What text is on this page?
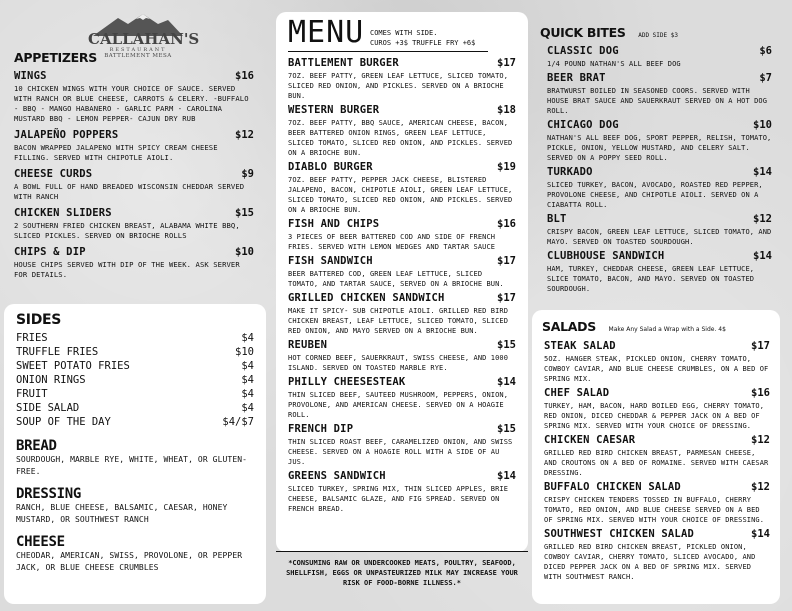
CALLAHAN'S
RESTAURANT
BATTLEMENT MESA
APPETIZERS
WINGS	$16
10 CHICKEN WINGS WITH YOUR CHOICE OF SAUCE. SERVED WITH RANCH OR BLUE CHEESE, CARROTS & CELERY. -BUFFALO - BBQ - MANGO HABANERO - GARLIC PARM - CAROLINA MUSTARD BBQ - LEMON PEPPER- CAJUN DRY RUB
JALAPEÑO POPPERS	$12
BACON WRAPPED JALAPENO WITH SPICY CREAM CHEESE FILLING. SERVED WITH CHIPOTLE AIOLI.
CHEESE CURDS	$9
A BOWL FULL OF HAND BREADED WISCONSIN CHEDDAR SERVED WITH RANCH
CHICKEN SLIDERS	$15
2 SOUTHERN FRIED CHICKEN BREAST, ALABAMA WHITE BBQ, SLICED PICKLES. SERVED ON BRIOCHE ROLLS
CHIPS & DIP	$10
HOUSE CHIPS SERVED WITH DIP OF THE WEEK. ASK SERVER FOR DETAILS.
SIDES
FRIES	$4
TRUFFLE FRIES	$10
SWEET POTATO FRIES	$4
ONION RINGS	$4
FRUIT	$4
SIDE SALAD	$4
SOUP OF THE DAY	$4/$7
BREAD
SOURDOUGH, MARBLE RYE, WHITE, WHEAT, OR GLUTEN-FREE.
DRESSING
RANCH, BLUE CHEESE, BALSAMIC, CAESAR, HONEY MUSTARD, OR SOUTHWEST RANCH
CHEESE
CHEODAR, AMERICAN, SWISS, PROVOLONE, OR PEPPER JACK, OR BLUE CHEESE CRUMBLES
MENU COMES WITH SIDE.
CUROS +3$ TRUFFLE FRY +6$
BATTLEMENT BURGER	$17
7OZ. BEEF PATTY, GREEN LEAF LETTUCE, SLICED TOMATO, SLICED RED ONION, AND PICKLES. SERVED ON A BRIOCHE BUN.
WESTERN BURGER	$18
7OZ. BEEF PATTY, BBQ SAUCE, AMERICAN CHEESE, BACON, BEER BATTERED ONION RINGS, GREEN LEAF LETTUCE, SLICED TOMATO, SLICED RED ONION, AND PICKLES. SERVED ON A BRIOCHE BUN.
DIABLO BURGER	$19
7OZ. BEEF PATTY, PEPPER JACK CHEESE, BLISTERED JALAPENO, BACON, CHIPOTLE AIOLI, GREEN LEAF LETTUCE, SLICED TOMATO, SLICED RED ONION, AND PICKLES. SERVED ON A BRIOCHE BUN.
FISH AND CHIPS	$16
3 PIECES OF BEER BATTERED COD AND SIDE OF FRENCH FRIES. SERVED WITH LEMON WEDGES AND TARTAR SAUCE
FISH SANDWICH	$17
BEER BATTERED COD, GREEN LEAF LETTUCE, SLICED TOMATO, AND TARTAR SAUCE, SERVED ON A BRIOCHE BUN.
GRILLED CHICKEN SANDWICH	$17
MAKE IT SPICY- SUB CHIPOTLE AIOLI. GRILLED RED BIRD CHICKEN BREAST, LEAF LETTUCE, SLICED TOMATO, SLICED RED ONION, AND MAYO SERVED ON A BRIOCHE BUN.
REUBEN	$15
HOT CORNED BEEF, SAUERKRAUT, SWISS CHEESE, AND 1000 ISLAND. SERVED ON TOASTED MARBLE RYE.
PHILLY CHEESESTEAK	$14
THIN SLICED BEEF, SAUTEED MUSHROOM, PEPPERS, ONION, PROVOLONE, AND AMERICAN CHEESE. SERVED ON A HOAGIE ROLL.
FRENCH DIP	$15
THIN SLICED ROAST BEEF, CARAMELIZED ONION, AND SWISS CHEESE. SERVED ON A HOAGIE ROLL WITH A SIDE OF AU JUS.
GREENS SANDWICH	$14
SLICED TURKEY, SPRING MIX, THIN SLICED APPLES, BRIE CHEESE, BALSAMIC GLAZE, AND FIG SPREAD. SERVED ON FRENCH BREAD.
*CONSUMING RAW OR UNDERCOOKED MEATS, POULTRY, SEAFOOD, SHELLFISH, EGGS OR UNPASTEURIZED MILK MAY INCREASE YOUR RISK OF FOOD-BORNE ILLNESS.*
QUICK BITES ADD SIDE $3
CLASSIC DOG	$6
1/4 POUND NATHAN'S ALL BEEF DOG
BEER BRAT	$7
BRATWURST BOILED IN SEASONED COORS. SERVED WITH HOUSE BRAT SAUCE AND SAUERKRAUT SERVED ON A HOT DOG ROLL.
CHICAGO DOG	$10
NATHAN'S ALL BEEF DOG, SPORT PEPPER, RELISH, TOMATO, PICKLE, ONION, YELLOW MUSTARD, AND CELERY SALT. SERVED ON A POPPY SEED ROLL.
TURKADO	$14
SLICED TURKEY, BACON, AVOCADO, ROASTED RED PEPPER, PROVOLONE CHEESE, AND CHIPOTLE AIOLI. SERVED ON A CIABATTA ROLL.
BLT	$12
CRISPY BACON, GREEN LEAF LETTUCE, SLICED TOMATO, AND MAYO. SERVED ON TOASTED SOURDOUGH.
CLUBHOUSE SANDWICH	$14
HAM, TURKEY, CHEDDAR CHEESE, GREEN LEAF LETTUCE, SLICE TOMATO, BACON, AND MAYO. SERVED ON TOASTED SOURDOUGH.
SALADS Make Any Salad a Wrap with a Side. 4$
STEAK SALAD	$17
5OZ. HANGER STEAK, PICKLED ONION, CHERRY TOMATO, COWBOY CAVIAR, AND BLUE CHEESE CRUMBLES, ON A BED OF SPRING MIX.
CHEF SALAD	$16
TURKEY, HAM, BACON, HARD BOILED EGG, CHERRY TOMATO, RED ONION, DICED CHEDDAR & PEPPER JACK ON A BED OF SPRING MIX. SERVED WITH YOUR CHOICE OF DRESSING.
CHICKEN CAESAR	$12
GRILLED RED BIRD CHICKEN BREAST, PARMESAN CHEESE, AND CROUTONS ON A BED OF ROMAINE. SERVED WITH CAESAR DRESSING.
BUFFALO CHICKEN SALAD	$12
CRISPY CHICKEN TENDERS TOSSED IN BUFFALO, CHERRY TOMATO, RED ONION, AND BLUE CHEESE SERVED ON A BED OF SPRING MIX. SERVED WITH YOUR CHOICE OF DRESSING.
SOUTHWEST CHICKEN SALAD	$14
GRILLED RED BIRD CHICKEN BREAST, PICKLED ONION, COWBOY CAVIAR, CHERRY TOMATO, SLICED AVOCADO, AND DICED PEPPER JACK ON A BED OF SPRING MIX. SERVED WITH SOUTHWEST RANCH.
